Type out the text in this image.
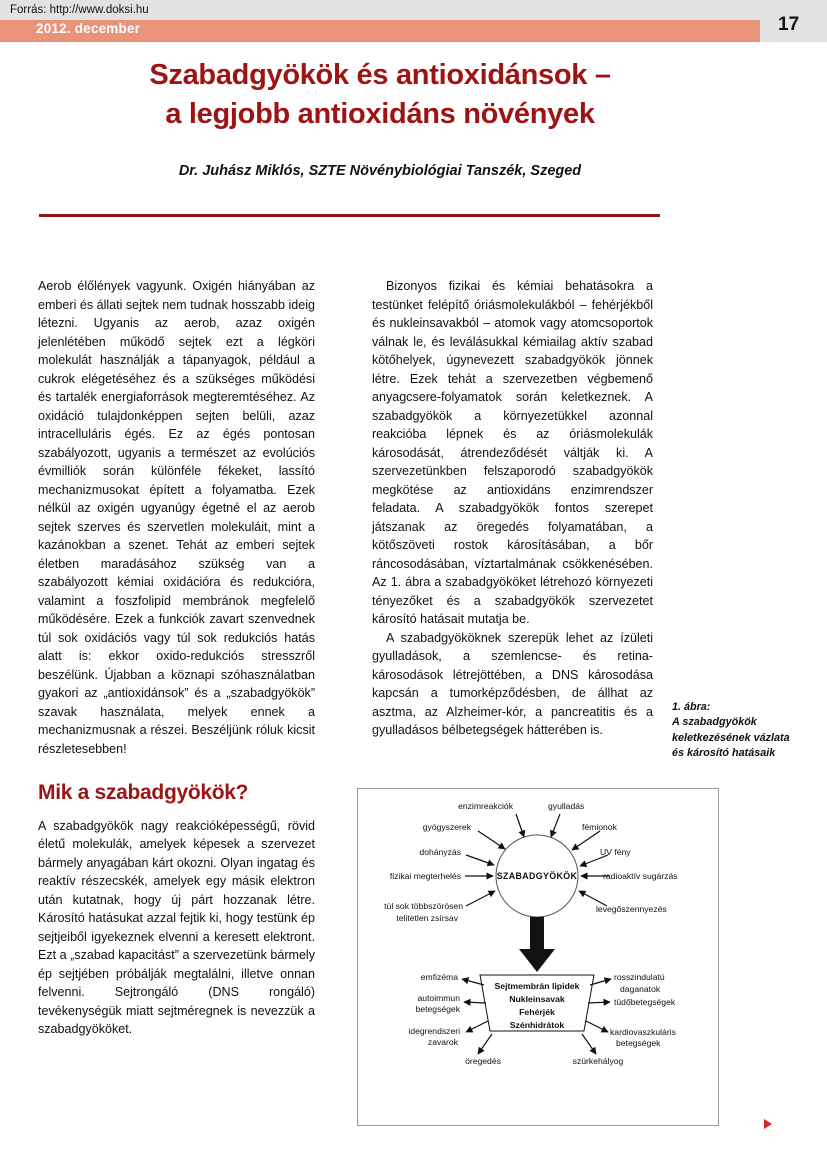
2012. december	17
Forrás: http://www.doksi.hu
Szabadgyökök és antioxidánsok –
a legjobb antioxidáns növények
Dr. Juhász Miklós, SZTE Növénybiológiai Tanszék, Szeged

Aerob élőlények vagyunk. Oxigén hiányában az emberi és állati sejtek nem tudnak hosszabb ideig létezni. Ugyanis az aerob, azaz oxigén jelenlétében működő sejtek ezt a légköri molekulát használják a tápanyagok, például a cukrok elégetéséhez és a szükséges működési és tartalék energiaforrások megteremtéséhez. Az oxidáció tulajdonképpen sejten belüli, azaz intracelluláris égés. Ez az égés pontosan szabályozott, ugyanis a természet az evolúciós évmilliók során különféle fékeket, lassító mechanizmusokat épített a folyamatba. Ezek nélkül az oxigén ugyanúgy égetné el az aerob sejtek szerves és szervetlen molekuláit, mint a kazánokban a szenet. Tehát az emberi sejtek életben maradásához szükség van a szabályozott kémiai oxidációra és redukcióra, valamint a foszfolipid membránok megfelelő működésére. Ezek a funkciók zavart szenvednek túl sok oxidációs vagy túl sok redukciós hatás alatt is: ekkor oxido-redukciós stresszről beszélünk. Újabban a köznapi szóhasználatban gyakori az „antioxidánsok” és a „szabadgyökök” szavak használata, melyek ennek a mechanizmusnak a részei. Beszéljünk róluk kicsit részletesebben!

Mik a szabadgyökök?

A szabadgyökök nagy reakcióképességű, rövid életű molekulák, amelyek képesek a szervezet bármely anyagában kárt okozni. Olyan ingatag és reaktív részecskék, amelyek egy másik elektron után kutatnak, hogy új párt hozzanak létre. Károsító hatásukat azzal fejtik ki, hogy testünk ép sejtjeiből igyekeznek elvenni a keresett elektront. Ezt a „szabad kapacitást” a szervezetünk bármely ép sejtjében próbálják megtalálni, illetve onnan felvenni. Sejtrongáló (DNS rongáló) tevékenységük miatt sejtméregnek is nevezzük a szabadgyököket.

Bizonyos fizikai és kémiai behatásokra a testünket felépítő óriásmolekulákból – fehérjékből és nukleinsavakból – atomok vagy atomcsoportok válnak le, és leválásukkal kémiailag aktív szabad kötőhelyek, úgynevezett szabadgyökök jönnek létre. Ezek tehát a szervezetben végbemenő anyagcsere-folyamatok során keletkeznek. A szabadgyökök a környezetükkel azonnal reakcióba lépnek és az óriásmolekulák károsodását, átrendeződését váltják ki. A szervezetünkben felszaporodó szabadgyökök megkötése az antioxidáns enzimrendszer feladata. A szabadgyökök fontos szerepet játszanak az öregedés folyamatában, a kötőszöveti rostok károsításában, a bőr ráncosodásában, víztartalmának csökkenésében. Az 1. ábra a szabadgyököket létrehozó környezeti tényezőket és a szabadgyökök szervezetet károsító hatásait mutatja be.

A szabadgyököknek szerepük lehet az ízületi gyulladások, a szemlencse- és retina-károsodások létrejöttében, a DNS károsodása kapcsán a tumorképződésben, de állhat az asztma, az Alzheimer-kór, a pancreatitis és a gyulladásos bélbetegségek hátterében is.

1. ábra:
A szabadgyökök keletkezésének vázlata és károsító hatásaik
SZABADGYÖKÖK
enzimreakciók	gyulladás
gyógyszerek	fémionok
dohányzás	UV fény
fizikai megterhelés	radioaktív sugárzás
túl sok többszörösen
telitetlen zsírsav
levegőszennyezés
Sejtmembrán lipidek
Nukleinsavak
Fehérjék
Szénhidrátok
emfizéma
autoimmun
betegségek
idegrendszeri
zavarok
öregedés
rosszindulatú
daganatok
tüdőbetegségek
kardiovaszkuláris
betegségek
szürkehályog
